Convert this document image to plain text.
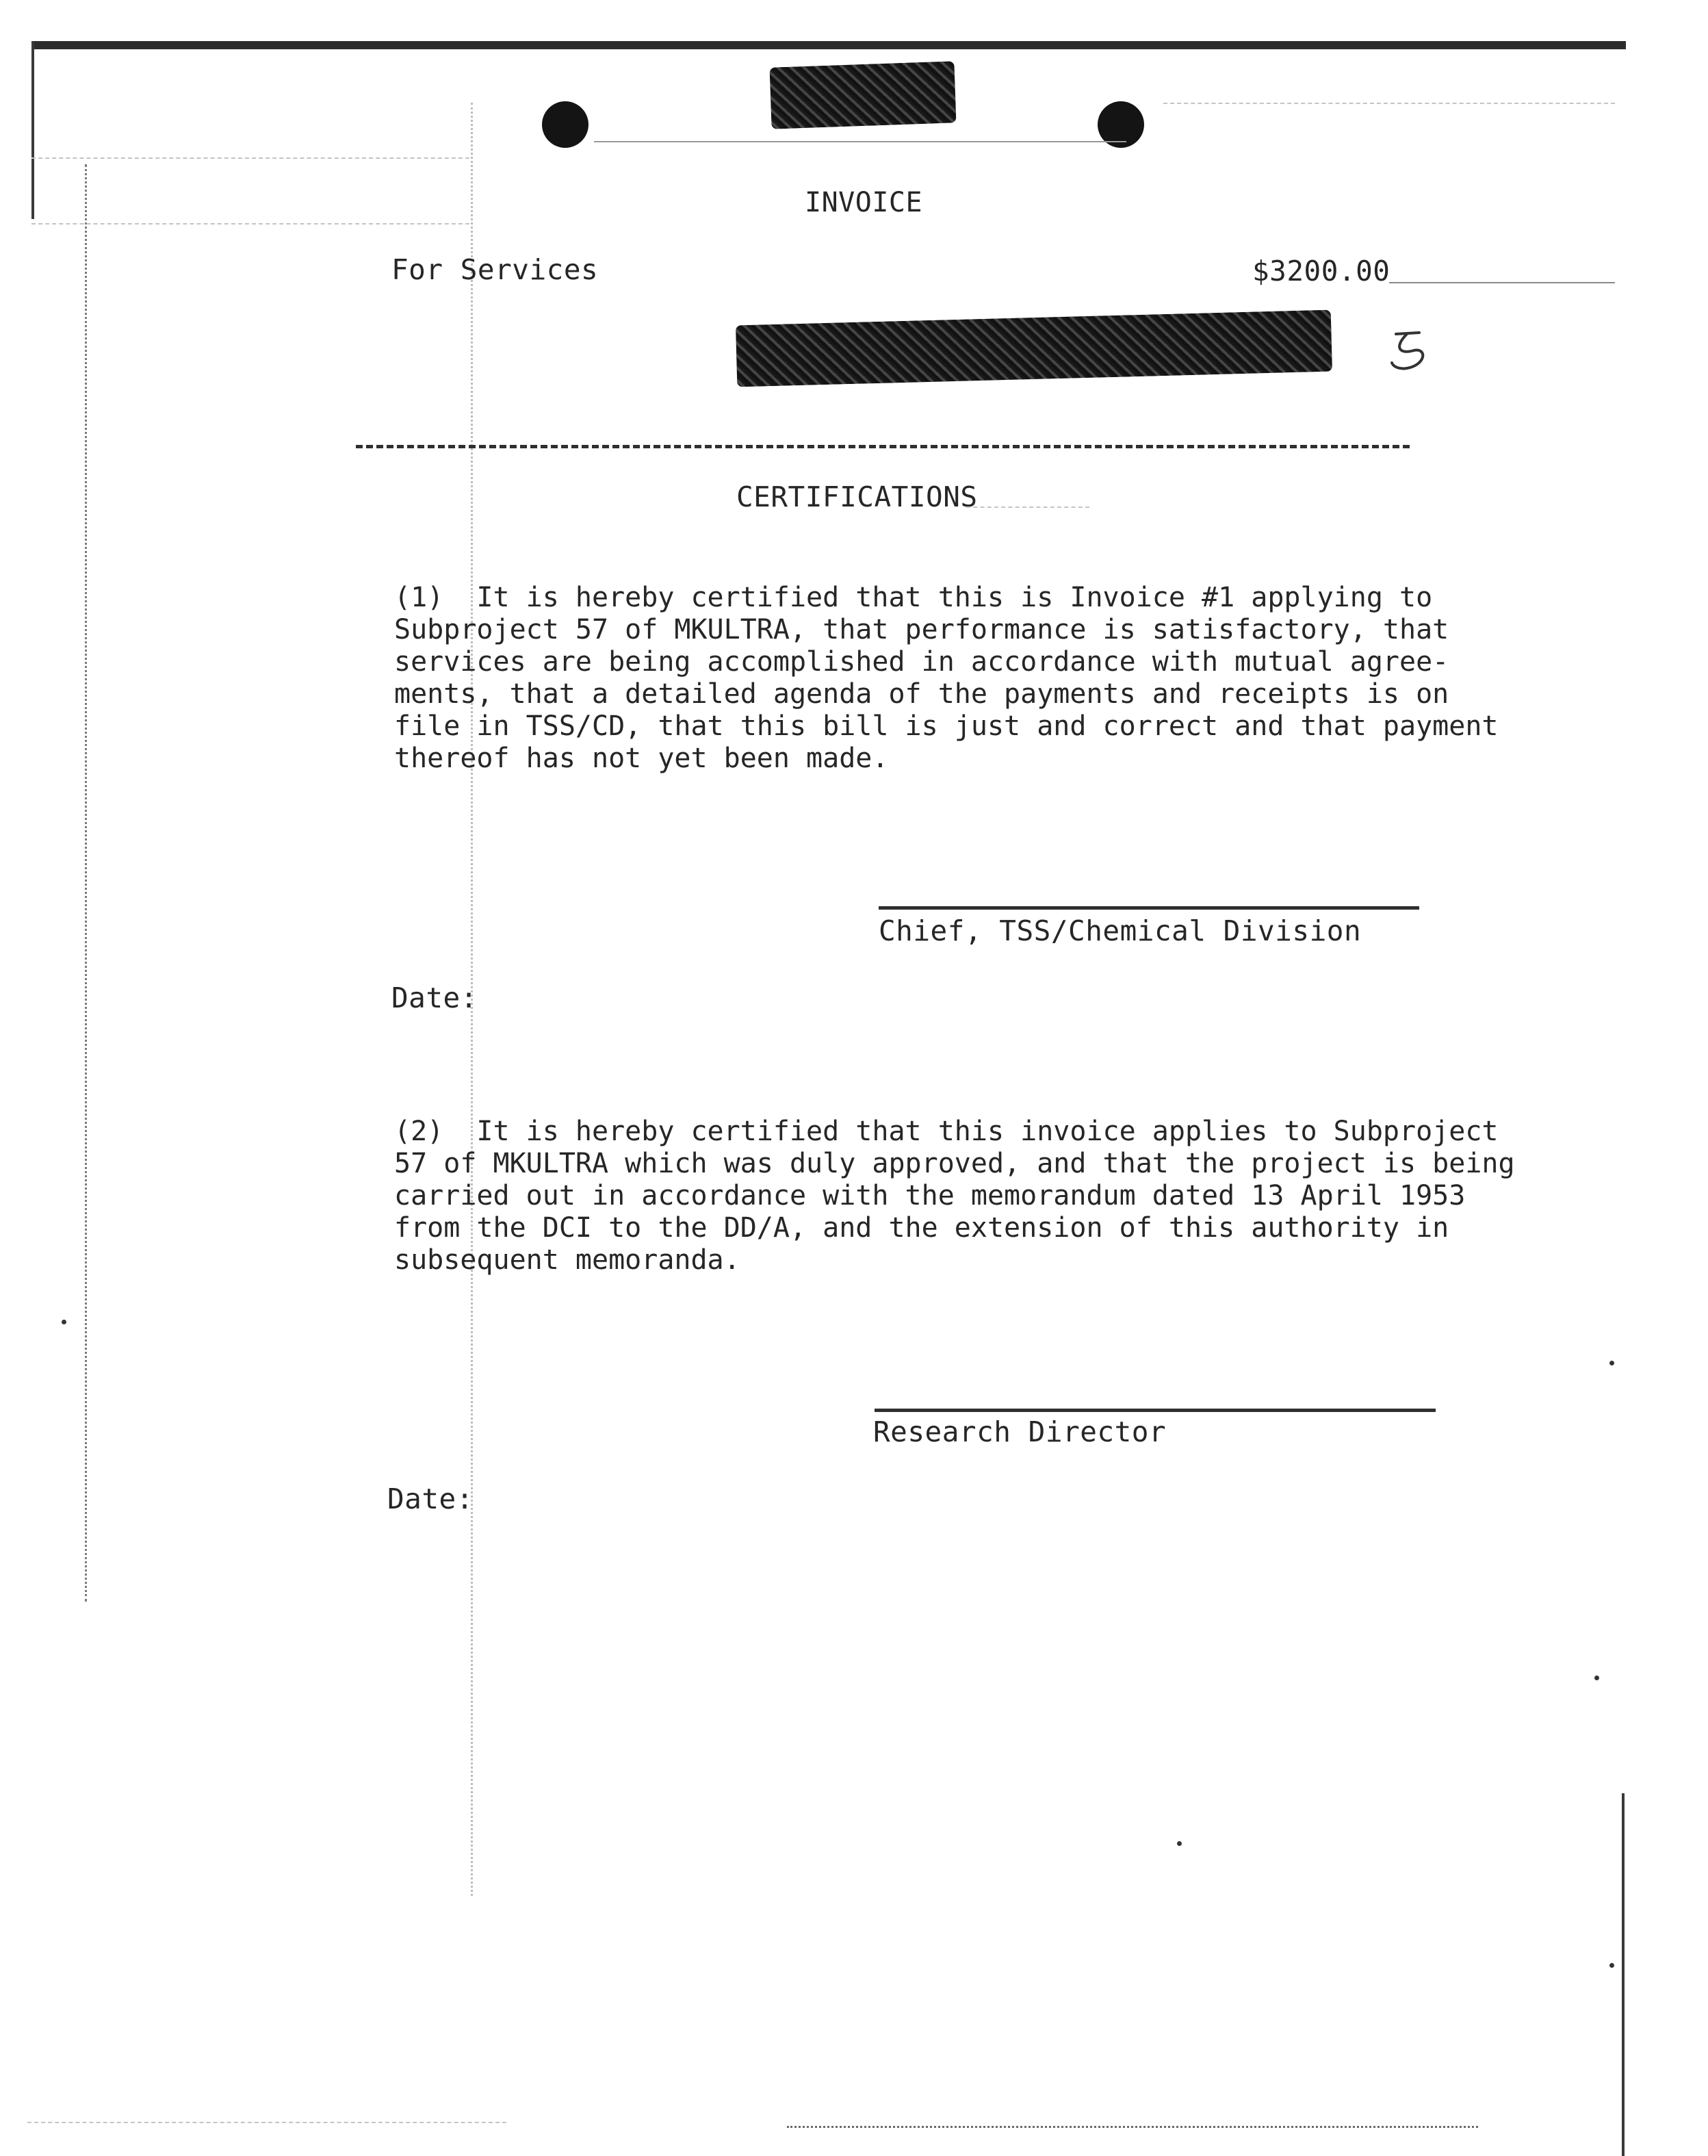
INVOICE
For Services	$3200.00
CERTIFICATIONS
(1)  It is hereby certified that this is Invoice #1 applying to
Subproject 57 of MKULTRA, that performance is satisfactory, that
services are being accomplished in accordance with mutual agree-
ments, that a detailed agenda of the payments and receipts is on
file in TSS/CD, that this bill is just and correct and that payment
thereof has not yet been made.
Chief, TSS/Chemical Division
Date:
(2)  It is hereby certified that this invoice applies to Subproject
57 of MKULTRA which was duly approved, and that the project is being
carried out in accordance with the memorandum dated 13 April 1953
from the DCI to the DD/A, and the extension of this authority in
subsequent memoranda.
Research Director
Date:
